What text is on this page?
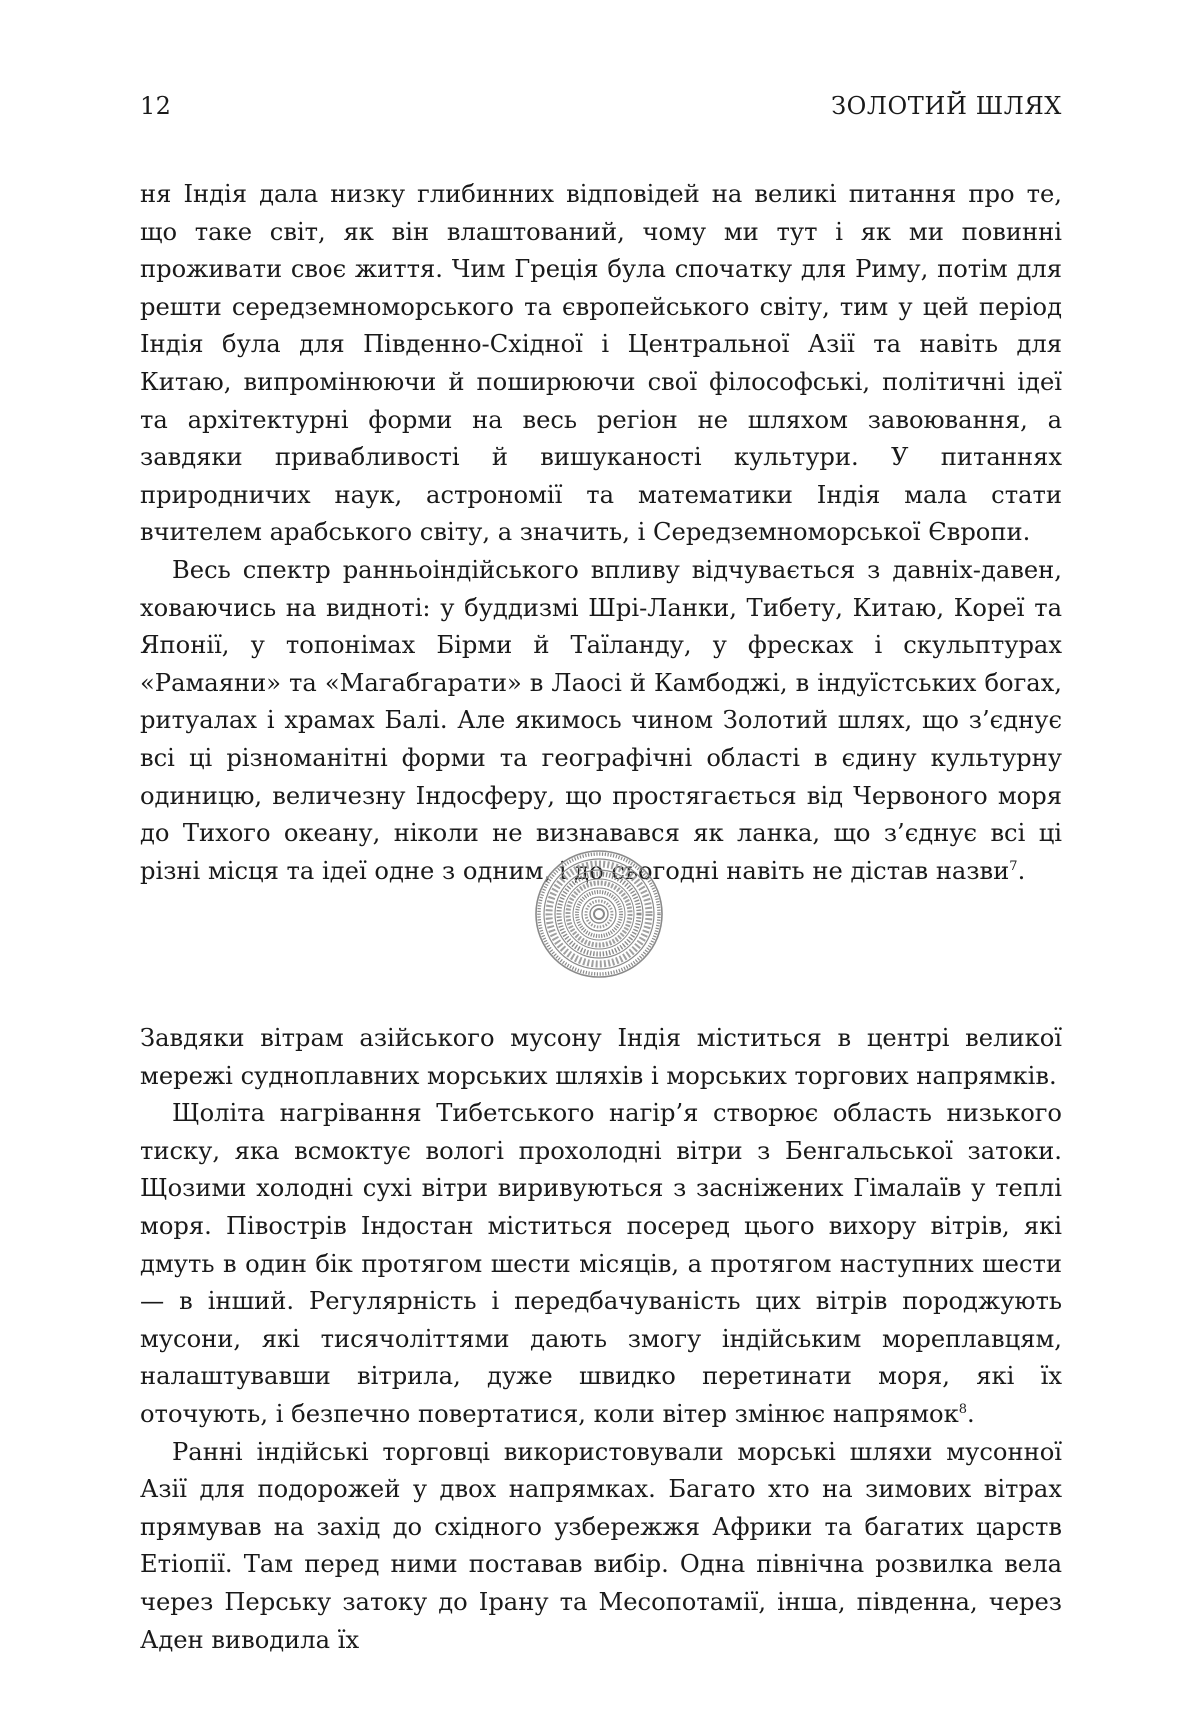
12	ЗОЛОТИЙ ШЛЯХ

ня Індія дала низку глибинних відповідей на великі питання про те, що таке світ, як він влаштований, чому ми тут і як ми повинні проживати своє життя. Чим Греція була спочатку для Риму, потім для решти середземноморського та європейського світу, тим у цей період Індія була для Південно-Східної і Центральної Азії та навіть для Китаю, випромінюючи й поширюючи свої філософські, політичні ідеї та архітектурні форми на весь регіон не шляхом завоювання, а завдяки привабливості й вишуканості культури. У питаннях природничих наук, астрономії та математики Індія мала стати вчителем арабського світу, а значить, і Середземноморської Європи.

Весь спектр ранньоіндійського впливу відчувається з давніх-давен, ховаючись на видноті: у буддизмі Шрі-Ланки, Тибету, Китаю, Кореї та Японії, у топонімах Бірми й Таїланду, у фресках і скульптурах «Рамаяни» та «Магабгарати» в Лаосі й Камбоджі, в індуїстських богах, ритуалах і храмах Балі. Але якимось чином Золотий шлях, що з’єднує всі ці різноманітні форми та географічні області в єдину культурну одиницю, величезну Індосферу, що простягається від Червоного моря до Тихого океану, ніколи не визнавався як ланка, що з’єднує всі ці різні місця та ідеї одне з одним, і до сьогодні навіть не дістав назви$^7$.

Завдяки вітрам азійського мусону Індія міститься в центрі великої мережі судноплавних морських шляхів і морських торгових напрямків.

Щоліта нагрівання Тибетського нагір’я створює область низького тиску, яка всмоктує вологі прохолодні вітри з Бенгальської затоки. Щозими холодні сухі вітри виривуються з засніжених Гімалаїв у теплі моря. Півострів Індостан міститься посеред цього вихору вітрів, які дмуть в один бік протягом шести місяців, а протягом наступних шести — в інший. Регулярність і передбачуваність цих вітрів породжують мусони, які тисячоліттями дають змогу індійським мореплавцям, налаштувавши вітрила, дуже швидко перетинати моря, які їх оточують, і безпечно повертатися, коли вітер змінює напрямок$^8$.

Ранні індійські торговці використовували морські шляхи мусонної Азії для подорожей у двох напрямках. Багато хто на зимових вітрах прямував на захід до східного узбережжя Африки та багатих царств Етіопії. Там перед ними поставав вибір. Одна північна розвилка вела через Перську затоку до Ірану та Месопотамії, інша, південна, через Аден виводила їх
